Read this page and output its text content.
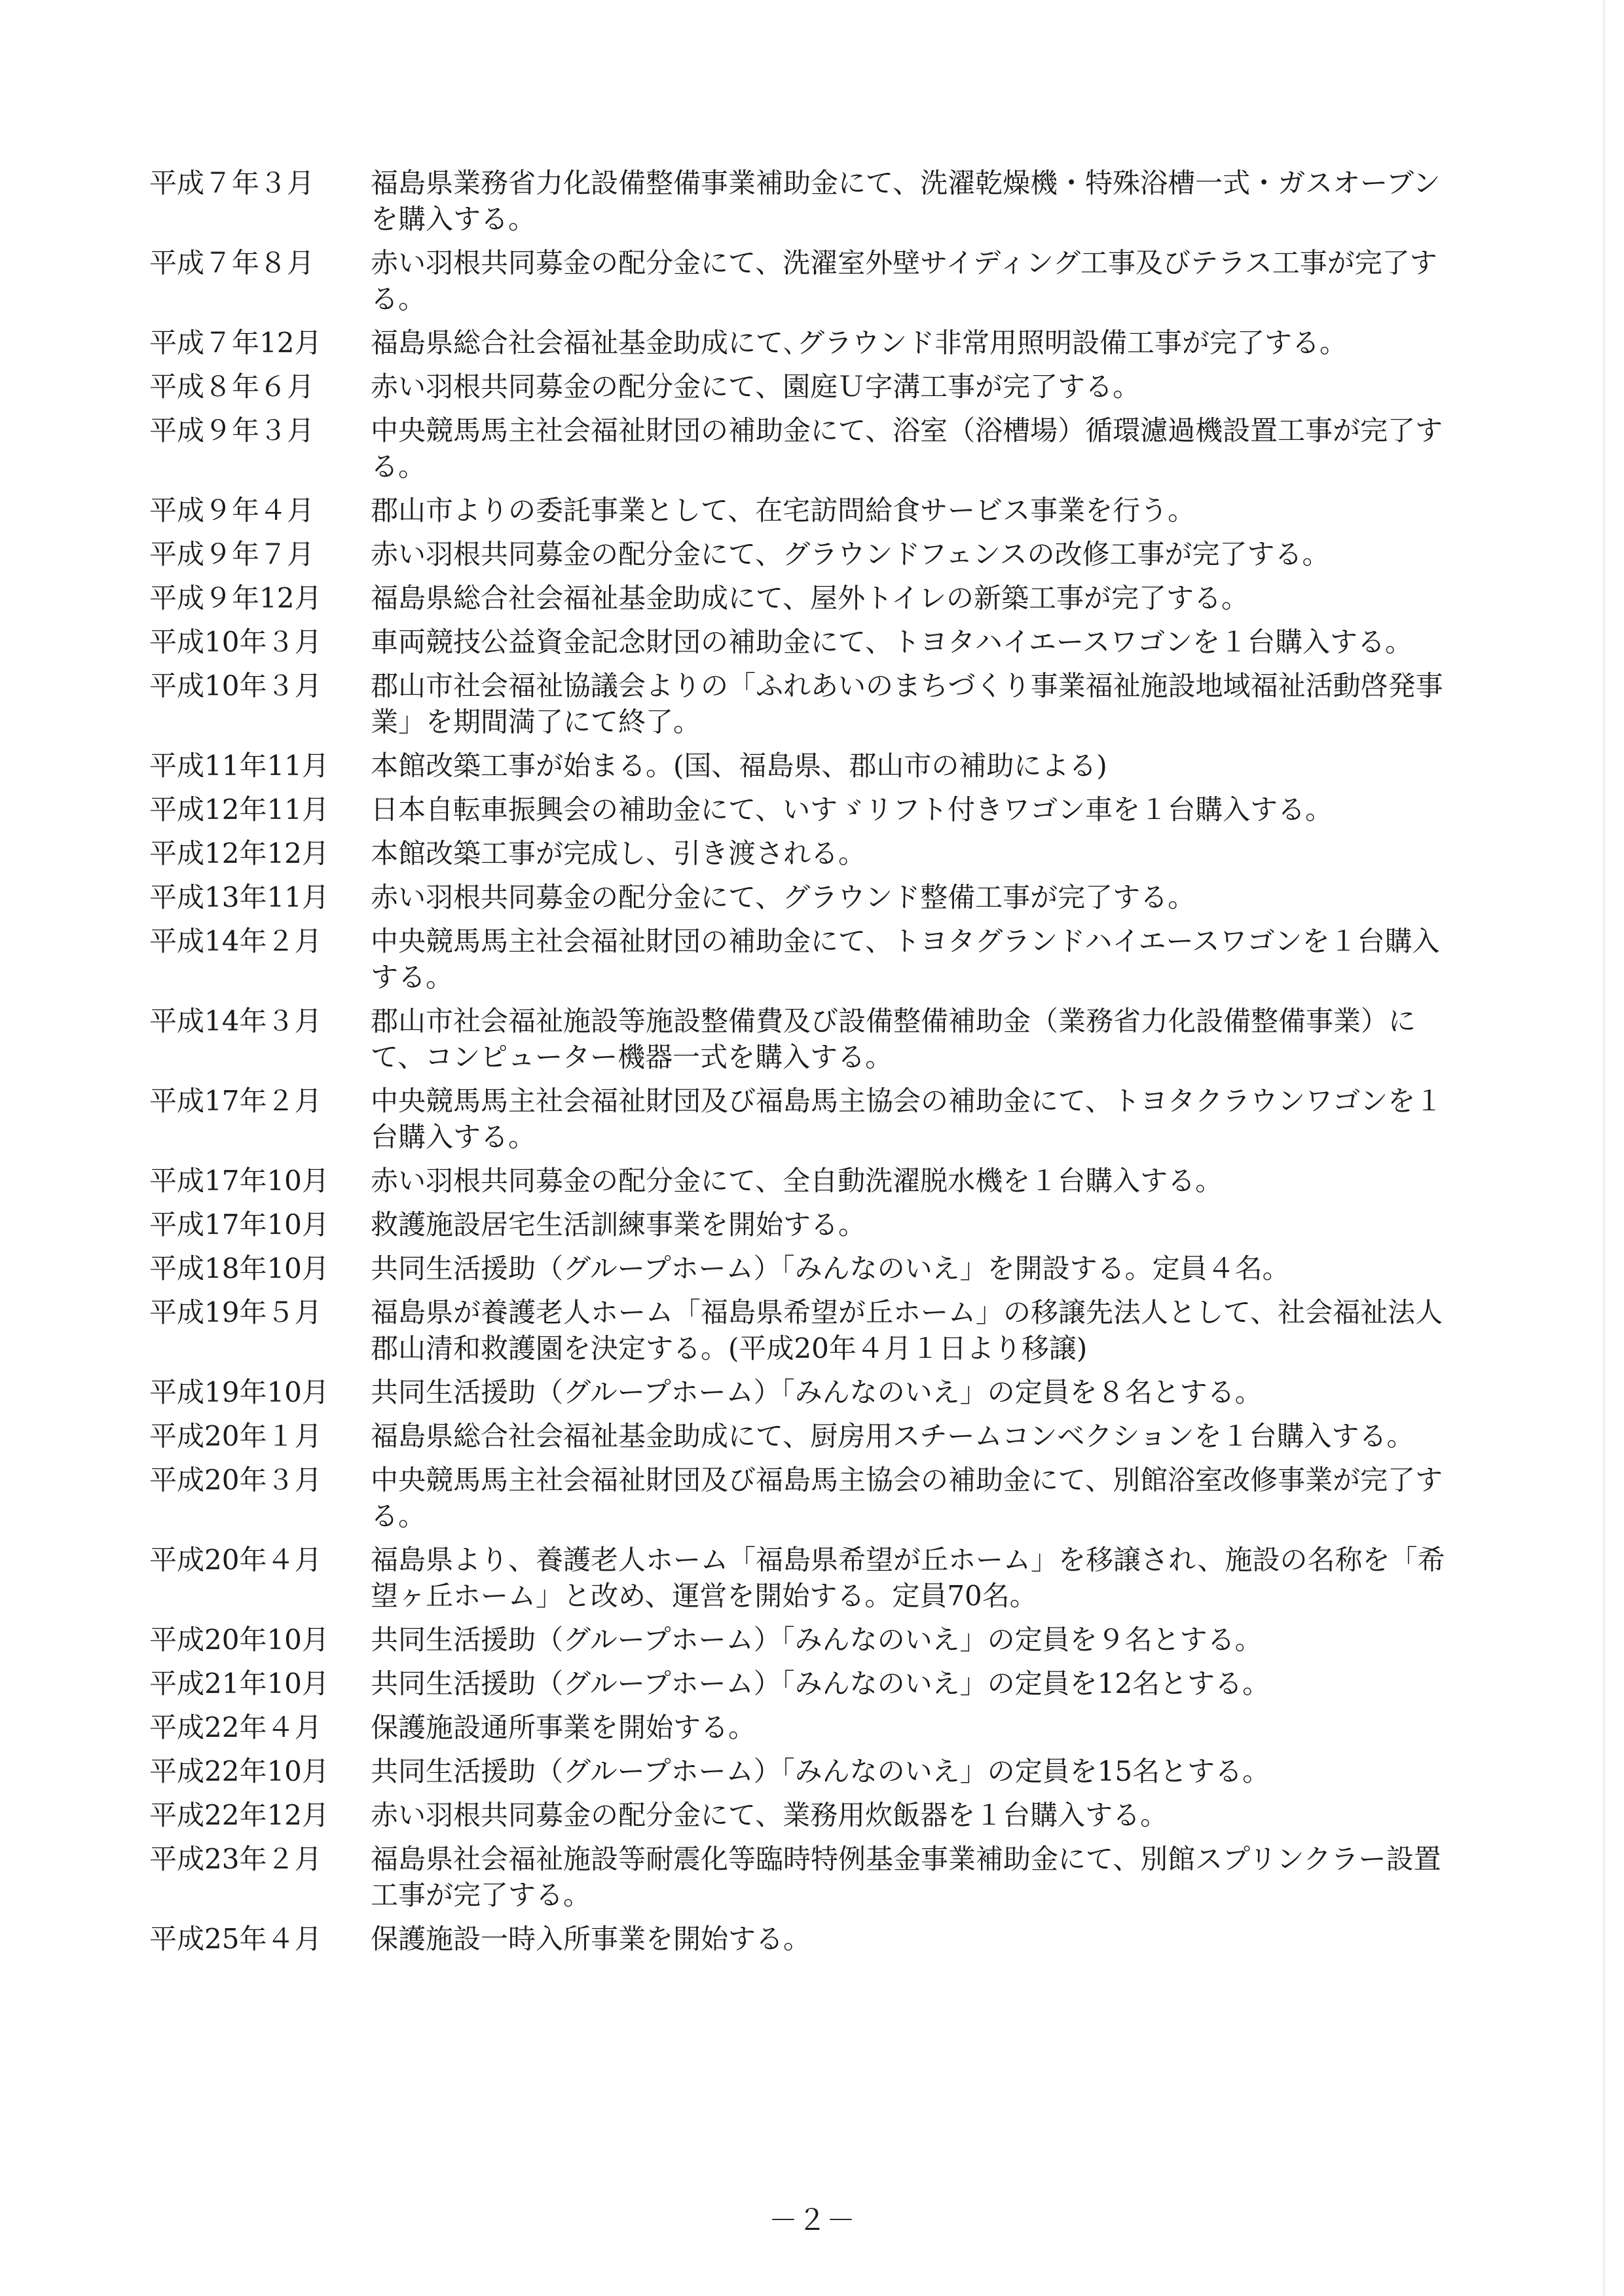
平成７年３月	福島県業務省力化設備整備事業補助金にて、洗濯乾燥機・特殊浴槽一式・ガスオーブンを購入する。
平成７年８月	赤い羽根共同募金の配分金にて、洗濯室外壁サイディング工事及びテラス工事が完了する。
平成７年12月	福島県総合社会福祉基金助成にて､グラウンド非常用照明設備工事が完了する。
平成８年６月	赤い羽根共同募金の配分金にて、園庭Ｕ字溝工事が完了する。
平成９年３月	中央競馬馬主社会福祉財団の補助金にて、浴室（浴槽場）循環濾過機設置工事が完了する。
平成９年４月	郡山市よりの委託事業として、在宅訪問給食サービス事業を行う。
平成９年７月	赤い羽根共同募金の配分金にて、グラウンドフェンスの改修工事が完了する。
平成９年12月	福島県総合社会福祉基金助成にて、屋外トイレの新築工事が完了する。
平成10年３月	車両競技公益資金記念財団の補助金にて、トヨタハイエースワゴンを１台購入する。
平成10年３月	郡山市社会福祉協議会よりの「ふれあいのまちづくり事業福祉施設地域福祉活動啓発事業」を期間満了にて終了。
平成11年11月	本館改築工事が始まる。(国、福島県、郡山市の補助による)
平成12年11月	日本自転車振興会の補助金にて、いすゞリフト付きワゴン車を１台購入する。
平成12年12月	本館改築工事が完成し、引き渡される。
平成13年11月	赤い羽根共同募金の配分金にて、グラウンド整備工事が完了する。
平成14年２月	中央競馬馬主社会福祉財団の補助金にて、トヨタグランドハイエースワゴンを１台購入する。
平成14年３月	郡山市社会福祉施設等施設整備費及び設備整備補助金（業務省力化設備整備事業）にて、コンピューター機器一式を購入する。
平成17年２月	中央競馬馬主社会福祉財団及び福島馬主協会の補助金にて、トヨタクラウンワゴンを１台購入する。
平成17年10月	赤い羽根共同募金の配分金にて、全自動洗濯脱水機を１台購入する。
平成17年10月	救護施設居宅生活訓練事業を開始する。
平成18年10月	共同生活援助（グループホーム）「みんなのいえ」を開設する。定員４名。
平成19年５月	福島県が養護老人ホーム「福島県希望が丘ホーム」の移譲先法人として、社会福祉法人　郡山清和救護園を決定する。(平成20年４月１日より移譲)
平成19年10月	共同生活援助（グループホーム）「みんなのいえ」の定員を８名とする。
平成20年１月	福島県総合社会福祉基金助成にて、厨房用スチームコンベクションを１台購入する。
平成20年３月	中央競馬馬主社会福祉財団及び福島馬主協会の補助金にて、別館浴室改修事業が完了する。
平成20年４月	福島県より、養護老人ホーム「福島県希望が丘ホーム」を移譲され、施設の名称を「希望ヶ丘ホーム」と改め、運営を開始する。定員70名。
平成20年10月	共同生活援助（グループホーム）「みんなのいえ」の定員を９名とする。
平成21年10月	共同生活援助（グループホーム）「みんなのいえ」の定員を12名とする。
平成22年４月	保護施設通所事業を開始する。
平成22年10月	共同生活援助（グループホーム）「みんなのいえ」の定員を15名とする。
平成22年12月	赤い羽根共同募金の配分金にて、業務用炊飯器を１台購入する。
平成23年２月	福島県社会福祉施設等耐震化等臨時特例基金事業補助金にて、別館スプリンクラー設置工事が完了する。
平成25年４月	保護施設一時入所事業を開始する。
－２－
